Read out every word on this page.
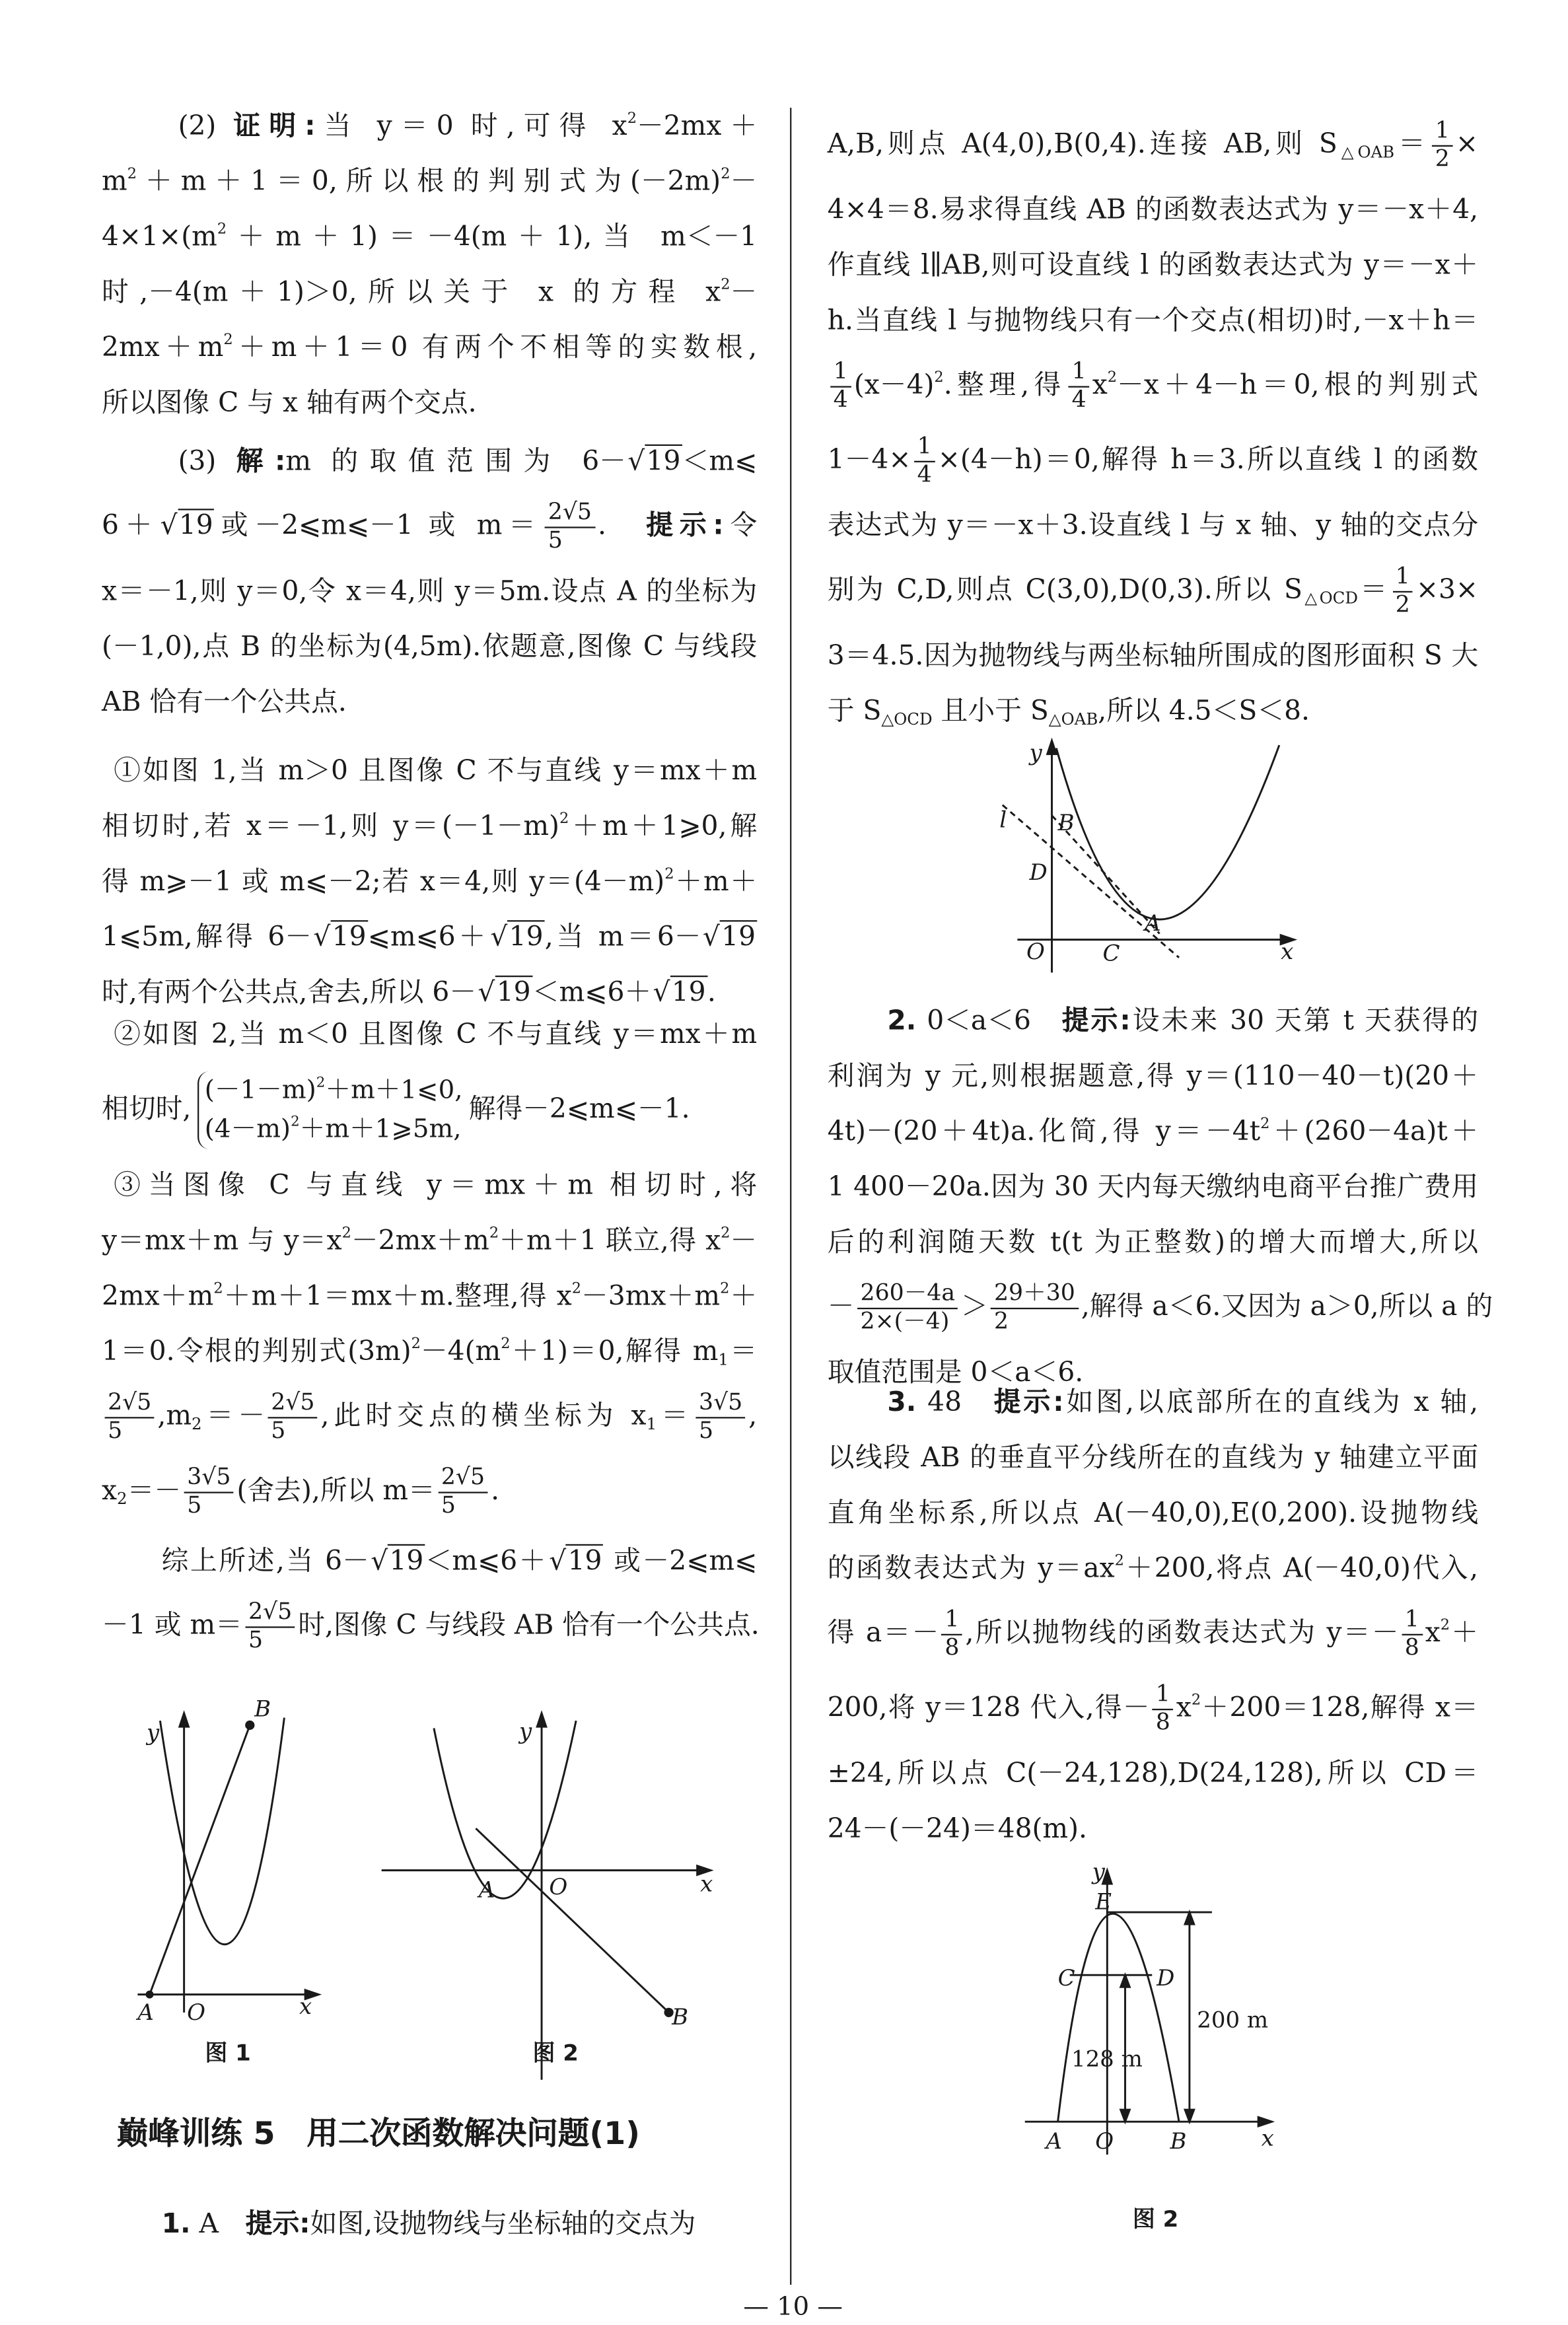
(2) 证明:当 y＝0 时,可得 $x^2-2mx+$
$m^2+m+1=0$,所以根的判别式为$(-2m)^2-$
$4\times 1\times(m^2+m+1)=-4(m+1)$,当 m＜－1
时,－4(m＋1)＞0,所以关于 x 的方程 $x^2-$
$2mx+m^2+m+1=0$ 有两个不相等的实数根,
所以图像 C 与 x 轴有两个交点.
(3) 解:m 的取值范围为 6－ √ 19 ＜m⩽
6＋ √ 19 或－2⩽m⩽－1 或 $m= \frac{2√5}{5}$ .　提示:令
x＝－1,则 y＝0,令 x＝4,则 y＝5m.设点 A 的坐标为
(－1,0),点 B 的坐标为(4,5m).依题意,图像 C 与线段
AB 恰有一个公共点.
①如图 1,当 m＞0 且图像 C 不与直线 y＝mx＋m
相切时,若 x＝－1,则 $y=(-1-m)^2+m+1⩾0$,解
得 m⩾－1 或 m⩽－2;若 x＝4,则 $y=(4-m)^2+m+$
1⩽5m,解得 6－ √ 19 ⩽m⩽6＋ √ 19 ,当 m＝6－ √ 19
时,有两个公共点,舍去,所以 6－ √ 19 ＜m⩽6＋ √ 19 .
②如图 2,当 m＜0 且图像 C 不与直线 y＝mx＋m
相切时,
$(-1-m)^2+m+1⩽0$,
$(4-m)^2+m+1⩾5m$,
解得－2⩽m⩽－1.
③当图像 C 与直线 y＝mx＋m 相切时,将
y＝mx＋m 与 $y=x^2-2mx+m^2+m+1$ 联立,得 $x^2-$
$2mx+m^2+m+1=mx+m$.整理,得 $x^2-3mx+m^2+$
1＝0.令根的判别式$(3m)^2-4(m^2+1)=0$,解得 $m_1=$
$\frac{2√5}{5} ,m_2=- \frac{2√5}{5}$ ,此时交点的横坐标为 $x_1= \frac{3√5}{5}$ ,
$x_2=- \frac{3√5}{5}$ (舍去),所以 $m= \frac{2√5}{5}$ .
综上所述,当 6－ √ 19 ＜m⩽6＋ √ 19 或－2⩽m⩽
－1 或 $m= \frac{2√5}{5}$ 时,图像 C 与线段 AB 恰有一个公共点.
巅峰训练 5　用二次函数解决问题(1)
1. A　提示:如图,设抛物线与坐标轴的交点为
A,B,则点 A(4,0),B(0,4).连接 AB,则 $S_{\triangle OAB}= \frac{1}{2}$ ×
4×4＝8.易求得直线 AB 的函数表达式为 y＝－x＋4,
作直线 l∥AB,则可设直线 l 的函数表达式为 y＝－x＋
h.当直线 l 与抛物线只有一个交点(相切)时,－x＋h＝
$\frac{1}{4} (x-4)^2$.整理,得 $\frac{1}{4} x^2-x+4-h=0$,根的判别式
$1-4\times \frac{1}{4} \times(4-h)=0$,解得 h＝3.所以直线 l 的函数
表达式为 y＝－x＋3.设直线 l 与 x 轴、y 轴的交点分
别为 C,D,则点 C(3,0),D(0,3).所以 $S_{\triangle OCD}= \frac{1}{2} \times 3\times$
3＝4.5.因为抛物线与两坐标轴所围成的图形面积 S 大
于 $S_{\triangle OCD}$ 且小于 $S_{\triangle OAB}$,所以 4.5＜S＜8.
2. 0＜a＜6　提示:设未来 30 天第 t 天获得的
利润为 y 元,则根据题意,得 y＝(110－40－t)(20＋
4t)－(20＋4t)a.化简,得 $y=-4t^2+(260-4a)t+$
1 400－20a.因为 30 天内每天缴纳电商平台推广费用
后的利润随天数 t(t 为正整数)的增大而增大,所以
－ $\frac{260-4a}{2\times(-4)} > \frac{29+30}{2}$ ,解得 a＜6.又因为 a＞0,所以 a 的
取值范围是 0＜a＜6.
3. 48　提示:如图,以底部所在的直线为 x 轴,
以线段 AB 的垂直平分线所在的直线为 y 轴建立平面
直角坐标系,所以点 A(－40,0),E(0,200).设抛物线
的函数表达式为 $y=ax^2+200$,将点 A(－40,0)代入,
得 $a=- \frac{1}{8}$ ,所以抛物线的函数表达式为 $y=- \frac{1}{8} x^2+$
200,将 y＝128 代入,得－ $\frac{1}{8} x^2+200=128$,解得 x＝
±24,所以点 C(－24,128),D(24,128),所以 CD＝
24－(－24)＝48(m).
y
B
A	O	x
图 1
y
A	O	x
B
图 2
y
l	B
D
A
O	C	x
y
E
C	D
200 m
128 m
A	O	B	x
图 2
— 10 —
